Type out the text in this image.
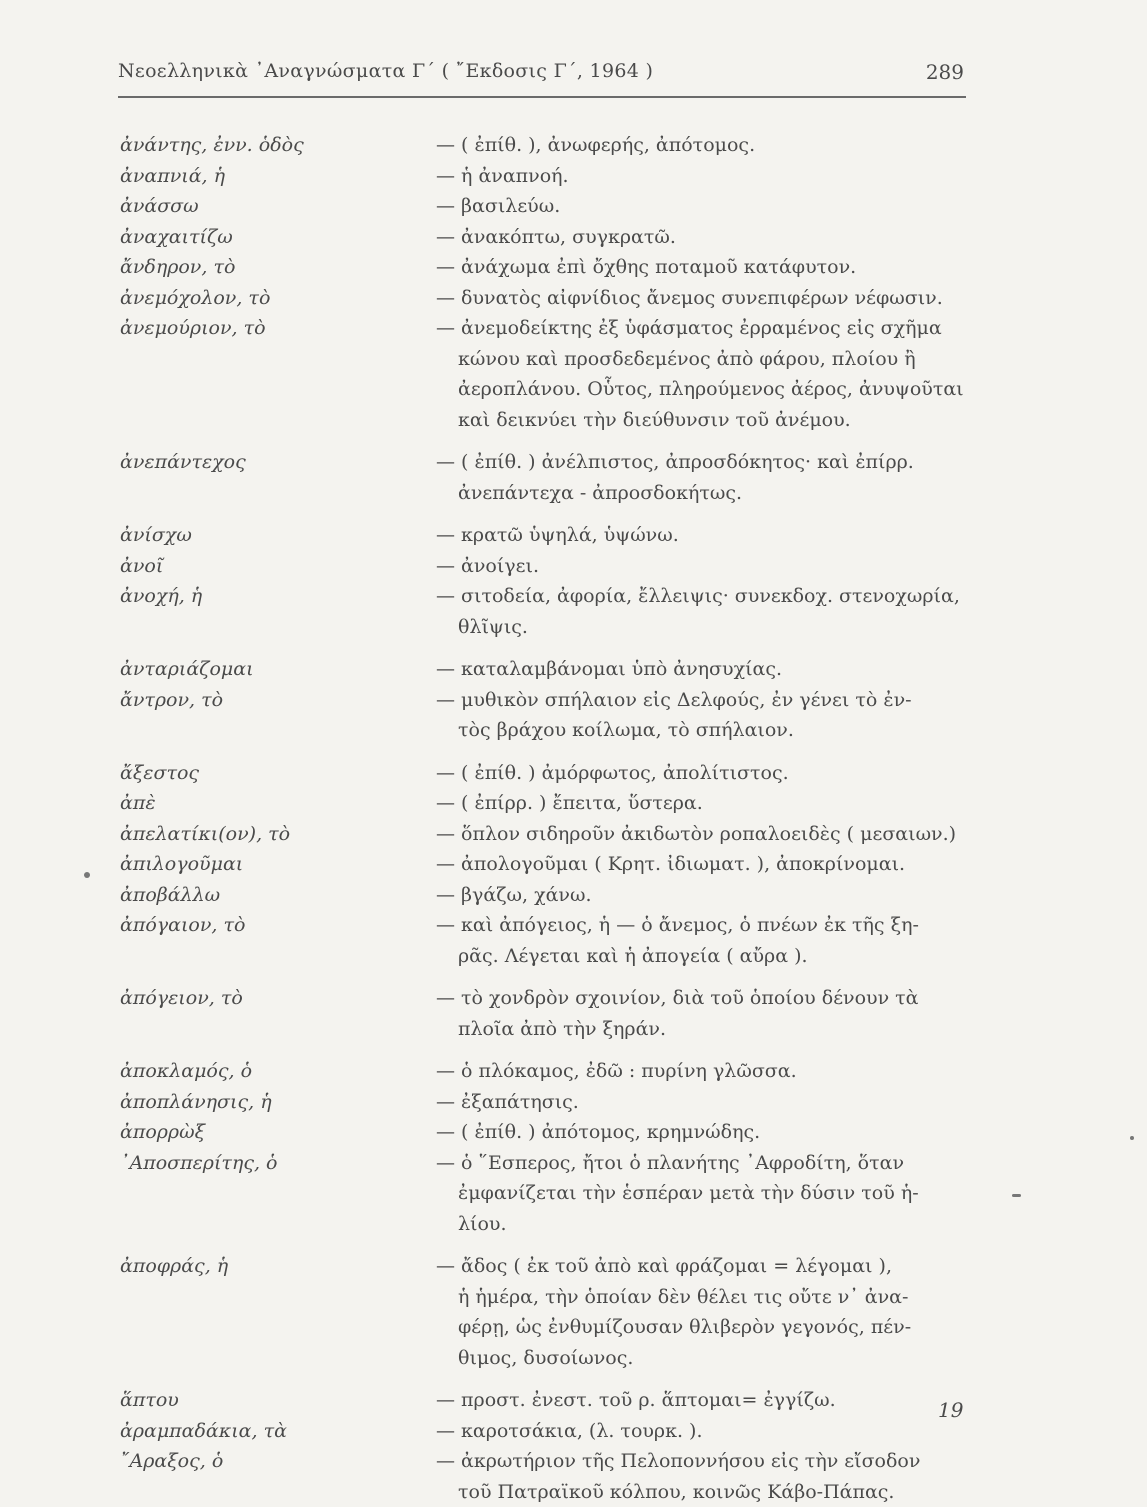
Νεοελληνικὰ ᾿Αναγνώσματα Γ΄ ( ῎Εκδοσις Γ΄, 1964 )	289
ἀνάντης, ἐνν. ὁδὸς	— ( ἐπίθ. ), ἀνωφερής, ἀπότομος.
ἀναπνιά, ἡ	— ἡ ἀναπνοή.
ἀνάσσω	— βασιλεύω.
ἀναχαιτίζω	— ἀνακόπτω, συγκρατῶ.
ἄνδηρον, τὸ	— ἀνάχωμα ἐπὶ ὄχθης ποταμοῦ κατάφυτον.
ἀνεμόχολον, τὸ	— δυνατὸς αἰφνίδιος ἄνεμος συνεπιφέρων νέφωσιν.
ἀνεμούριον, τὸ	— ἀνεμοδείκτης ἐξ ὑφάσματος ἐρραμένος εἰς σχῆμα
κώνου καὶ προσδεδεμένος ἀπὸ φάρου, πλοίου ἢ
ἀεροπλάνου. Οὗτος, πληρούμενος ἀέρος, ἀνυψοῦται
καὶ δεικνύει τὴν διεύθυνσιν τοῦ ἀνέμου.
ἀνεπάντεχος	— ( ἐπίθ. ) ἀνέλπιστος, ἀπροσδόκητος· καὶ ἐπίρρ.
ἀνεπάντεχα - ἀπροσδοκήτως.
ἀνίσχω	— κρατῶ ὑψηλά, ὑψώνω.
ἀνοῖ	— ἀνοίγει.
ἀνοχή, ἡ	— σιτοδεία, ἀφορία, ἔλλειψις· συνεκδοχ. στενοχωρία,
θλῖψις.
ἀνταριάζομαι	— καταλαμβάνομαι ὑπὸ ἀνησυχίας.
ἄντρον, τὸ	— μυθικὸν σπήλαιον εἰς Δελφούς, ἐν γένει τὸ ἐν-
τὸς βράχου κοίλωμα, τὸ σπήλαιον.
ἄξεστος	— ( ἐπίθ. ) ἀμόρφωτος, ἀπολίτιστος.
ἀπὲ	— ( ἐπίρρ. ) ἔπειτα, ὕστερα.
ἀπελατίκι(ον), τὸ	— ὅπλον σιδηροῦν ἀκιδωτὸν ροπαλοειδὲς ( μεσαιων.)
ἀπιλογοῦμαι	— ἀπολογοῦμαι ( Κρητ. ἰδιωματ. ), ἀποκρίνομαι.
ἀποβάλλω	— βγάζω, χάνω.
ἀπόγαιον, τὸ	— καὶ ἀπόγειος, ἡ — ὁ ἄνεμος, ὁ πνέων ἐκ τῆς ξη-
ρᾶς. Λέγεται καὶ ἡ ἀπογεία ( αὔρα ).
ἀπόγειον, τὸ	— τὸ χονδρὸν σχοινίον, διὰ τοῦ ὁποίου δένουν τὰ
πλοῖα ἀπὸ τὴν ξηράν.
ἀποκλαμός, ὁ	— ὁ πλόκαμος, ἐδῶ : πυρίνη γλῶσσα.
ἀποπλάνησις, ἡ	— ἐξαπάτησις.
ἀπορρὼξ	— ( ἐπίθ. ) ἀπότομος, κρημνώδης.
᾿Αποσπερίτης, ὁ	— ὁ ῞Εσπερος, ἤτοι ὁ πλανήτης ᾿Αφροδίτη, ὅταν
ἐμφανίζεται τὴν ἑσπέραν μετὰ τὴν δύσιν τοῦ ἡ-
λίου.
ἀποφράς, ἡ	— ἄδος ( ἐκ τοῦ ἀπὸ καὶ φράζομαι = λέγομαι ),
ἡ ἡμέρα, τὴν ὁποίαν δὲν θέλει τις οὔτε ν᾿ ἀνα-
φέρῃ, ὡς ἐνθυμίζουσαν θλιβερὸν γεγονός, πέν-
θιμος, δυσοίωνος.
ἅπτου	— προστ. ἐνεστ. τοῦ ρ. ἅπτομαι= ἐγγίζω.
ἀραμπαδάκια, τὰ	— καροτσάκια, (λ. τουρκ. ).
῎Αραξος, ὁ	— ἀκρωτήριον τῆς Πελοποννήσου εἰς τὴν εἴσοδον
τοῦ Πατραϊκοῦ κόλπου, κοινῶς Κάβο-Πάπας.
19
